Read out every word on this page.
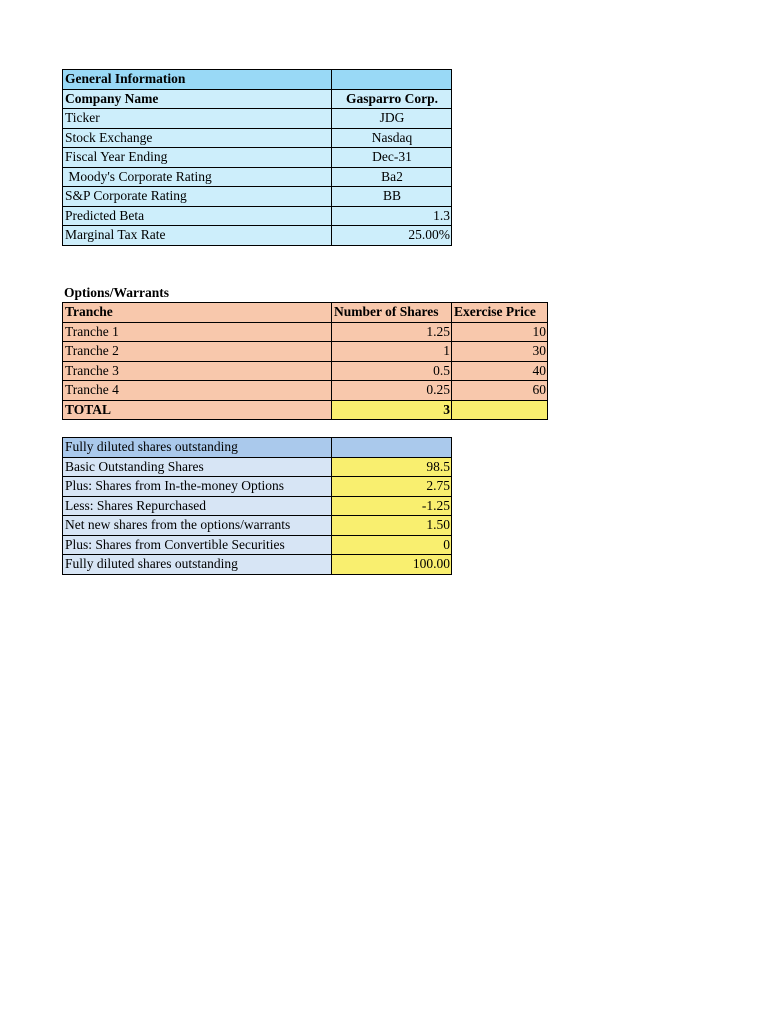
General Information	
Company Name	Gasparro Corp.
Ticker	JDG
Stock Exchange	Nasdaq
Fiscal Year Ending	Dec-31
Moody's Corporate Rating	Ba2
S&P Corporate Rating	BB
Predicted Beta	1.3
Marginal Tax Rate	25.00%
Options/Warrants
Tranche	Number of Shares	Exercise Price
Tranche 1	1.25	10
Tranche 2	1	30
Tranche 3	0.5	40
Tranche 4	0.25	60
TOTAL	3	
Fully diluted shares outstanding	
Basic Outstanding Shares	98.5
Plus: Shares from In-the-money Options	2.75
Less: Shares Repurchased	-1.25
Net new shares from the options/warrants	1.50
Plus: Shares from Convertible Securities	0
Fully diluted shares outstanding	100.00
